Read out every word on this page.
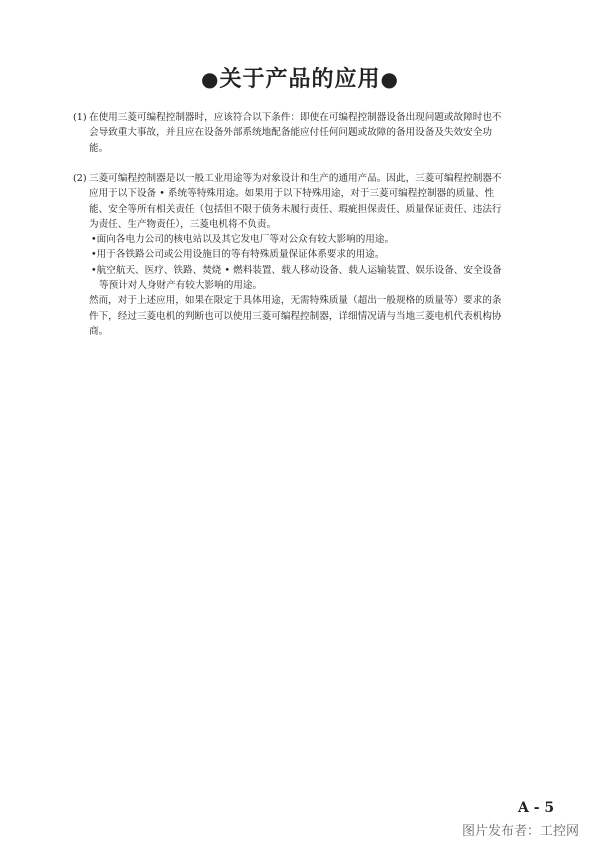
●关于产品的应用●
(1) 在使用三菱可编程控制器时，应该符合以下条件：即使在可编程控制器设备出现问题或故障时也不
会导致重大事故，并且应在设备外部系统地配备能应付任何问题或故障的备用设备及失效安全功
能。
(2) 三菱可编程控制器是以一般工业用途等为对象设计和生产的通用产品。因此，三菱可编程控制器不
应用于以下设备 • 系统等特殊用途。如果用于以下特殊用途，对于三菱可编程控制器的质量、性
能、安全等所有相关责任（包括但不限于债务未履行责任、瑕疵担保责任、质量保证责任、违法行
为责任、生产物责任），三菱电机将不负责。
•面向各电力公司的核电站以及其它发电厂等对公众有较大影响的用途。
•用于各铁路公司或公用设施目的等有特殊质量保证体系要求的用途。
•航空航天、医疗、铁路、焚烧 • 燃料装置、载人移动设备、载人运输装置、娱乐设备、安全设备
等预计对人身财产有较大影响的用途。
然而，对于上述应用，如果在限定于具体用途，无需特殊质量（超出一般规格的质量等）要求的条
件下，经过三菱电机的判断也可以使用三菱可编程控制器，详细情况请与当地三菱电机代表机构协
商。
A - 5
图片发布者：工控网
